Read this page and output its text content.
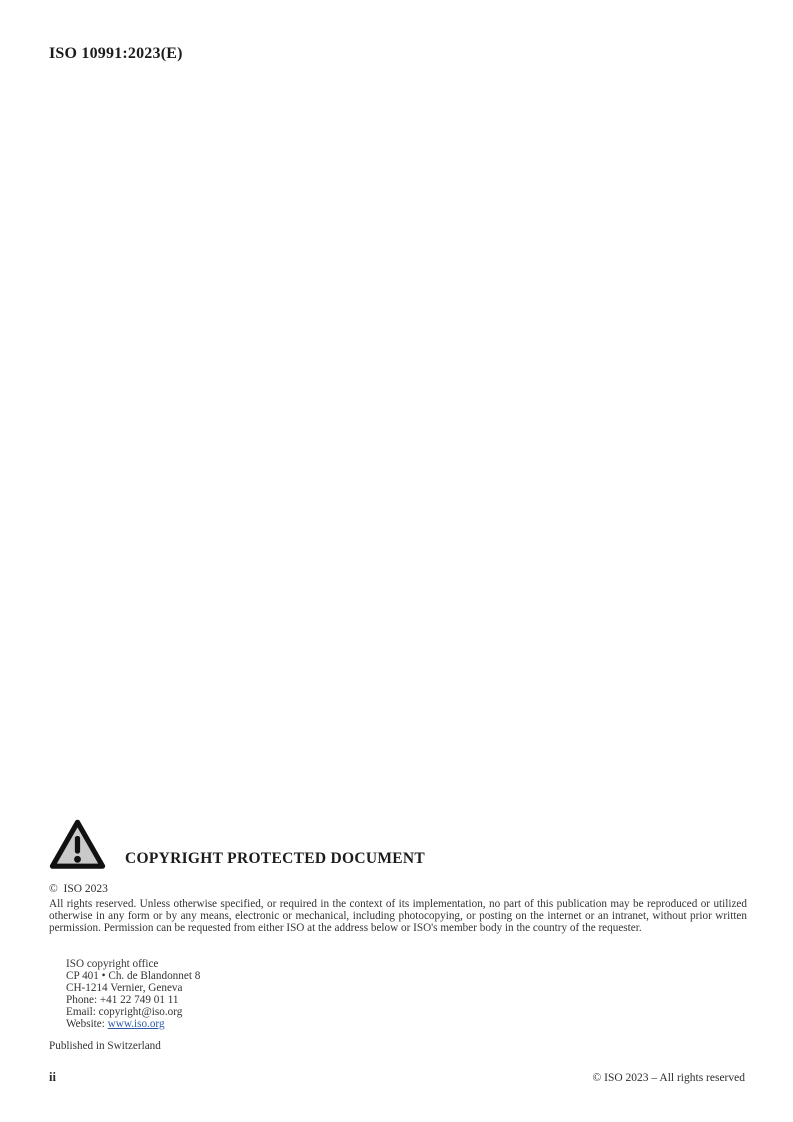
ISO 10991:2023(E)
COPYRIGHT PROTECTED DOCUMENT
© ISO 2023
All rights reserved. Unless otherwise specified, or required in the context of its implementation, no part of this publication may be reproduced or utilized otherwise in any form or by any means, electronic or mechanical, including photocopying, or posting on the internet or an intranet, without prior written permission. Permission can be requested from either ISO at the address below or ISO's member body in the country of the requester.
ISO copyright office
CP 401 • Ch. de Blandonnet 8
CH-1214 Vernier, Geneva
Phone: +41 22 749 01 11
Email: copyright@iso.org
Website: www.iso.org
Published in Switzerland
ii	© ISO 2023 – All rights reserved
